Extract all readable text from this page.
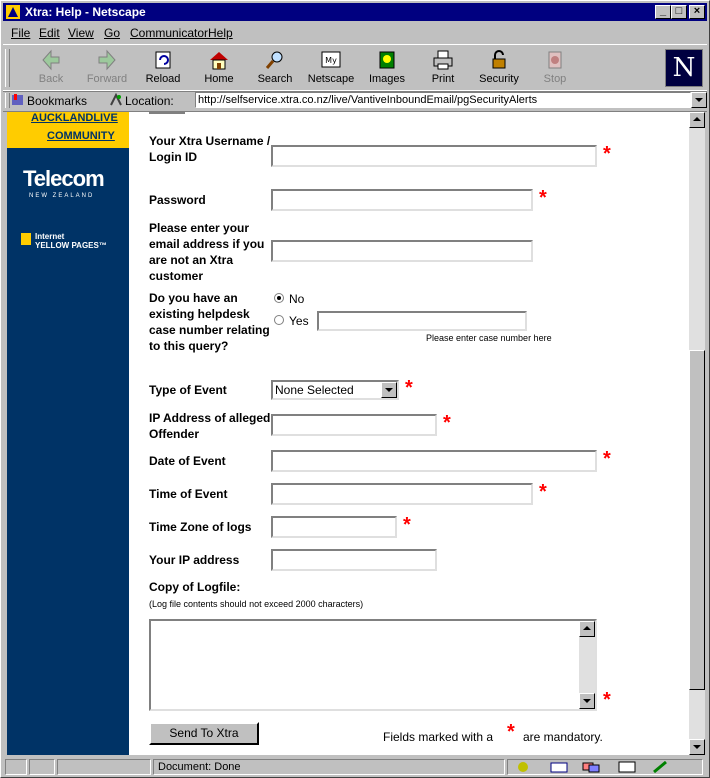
Xtra: Help - Netscape	_ □	×
File Edit View Go Communicator Help
Back	Forward	Reload	Home	Search
My
Netscape	Images	Print	Security	Stop	N
Bookmarks	Location: http://selfservice.xtra.co.nz/live/VantiveInboundEmail/pgSecurityAlerts
AUCKLANDLIVE
COMMUNITY
Telecom
NEW ZEALAND
Internet
YELLOW PAGES™
Your Xtra Username / Login ID	*
Password	*
Please enter your email address if you are not an Xtra customer
Do you have an existing helpdesk case number relating to this query?
No
Yes
Please enter case number here
Type of Event	None Selected	*
IP Address of alleged Offender	*
Date of Event	*
Time of Event	*
Time Zone of logs	*
Your IP address
Copy of Logfile:
(Log file contents should not exceed 2000 characters)
*
Send To Xtra	Fields marked with a * are mandatory.
Document: Done
